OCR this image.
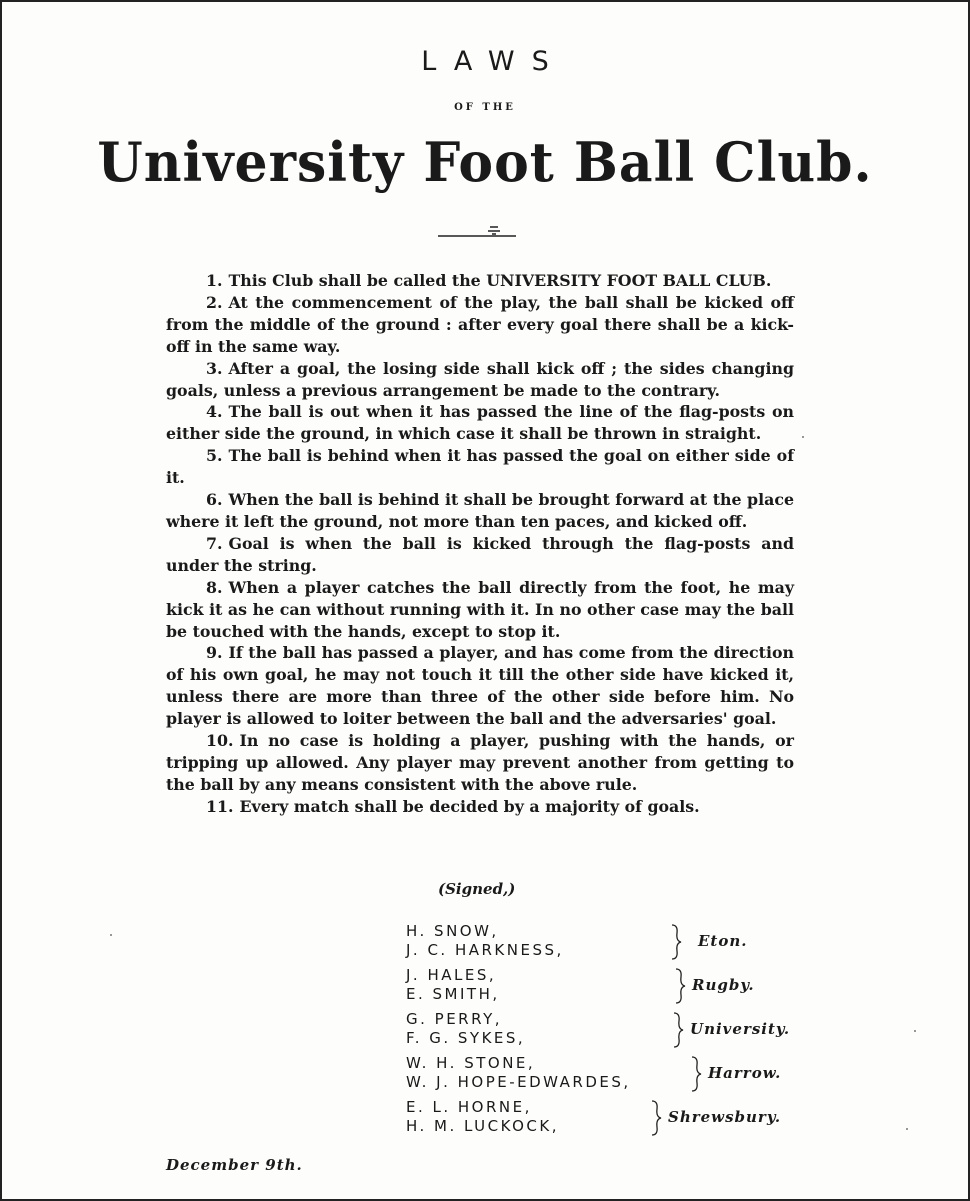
LAWS
OF THE
University Foot Ball Club.

1. This Club shall be called the UNIVERSITY FOOT BALL CLUB.

2. At the commencement of the play, the ball shall be kicked off from the middle of the ground : after every goal there shall be a kick-off in the same way.

3. After a goal, the losing side shall kick off ; the sides changing goals, unless a previous arrangement be made to the contrary.

4. The ball is out when it has passed the line of the flag-posts on either side the ground, in which case it shall be thrown in straight.

5. The ball is behind when it has passed the goal on either side of it.

6. When the ball is behind it shall be brought forward at the place where it left the ground, not more than ten paces, and kicked off.

7. Goal is when the ball is kicked through the flag-posts and under the string.

8. When a player catches the ball directly from the foot, he may kick it as he can without running with it. In no other case may the ball be touched with the hands, except to stop it.

9. If the ball has passed a player, and has come from the direction of his own goal, he may not touch it till the other side have kicked it, unless there are more than three of the other side before him. No player is allowed to loiter between the ball and the adversaries' goal.

10. In no case is holding a player, pushing with the hands, or tripping up allowed. Any player may prevent another from getting to the ball by any means consistent with the above rule.

11. Every match shall be decided by a majority of goals.

(Signed,)
H. SNOW,
J. C. HARKNESS,	Eton.
J. HALES,
E. SMITH,	Rugby.
G. PERRY,
F. G. SYKES,	University.
W. H. STONE,
W. J. HOPE-EDWARDES,	Harrow.
E. L. HORNE,
H. M. LUCKOCK,	Shrewsbury.
December 9th.
